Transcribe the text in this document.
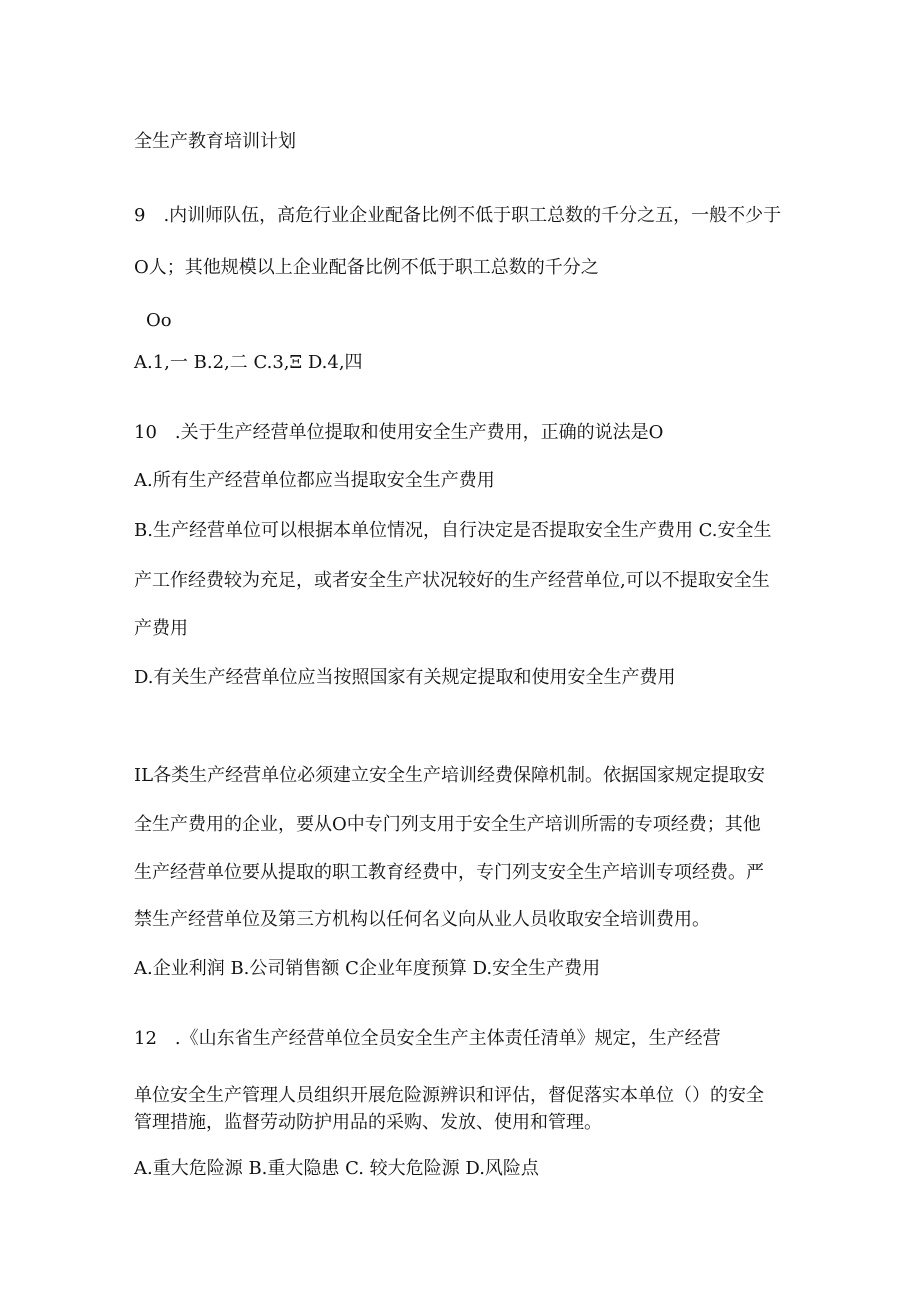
全生产教育培训计划
9　.内训师队伍，高危行业企业配备比例不低于职工总数的千分之五，一般不少于
O人；其他规模以上企业配备比例不低于职工总数的千分之
Oo
A.1,一 B.2,二 C.3,Ξ D.4,四
10　.关于生产经营单位提取和使用安全生产费用，正确的说法是O
A.所有生产经营单位都应当提取安全生产费用
B.生产经营单位可以根据本单位情况，自行决定是否提取安全生产费用 C.安全生
产工作经费较为充足，或者安全生产状况较好的生产经营单位,可以不提取安全生
产费用
D.有关生产经营单位应当按照国家有关规定提取和使用安全生产费用
IL各类生产经营单位必须建立安全生产培训经费保障机制。依据国家规定提取安
全生产费用的企业，要从O中专门列支用于安全生产培训所需的专项经费；其他
生产经营单位要从提取的职工教育经费中，专门列支安全生产培训专项经费。严
禁生产经营单位及第三方机构以任何名义向从业人员收取安全培训费用。
A.企业利润 B.公司销售额 C企业年度预算 D.安全生产费用
12　.《山东省生产经营单位全员安全生产主体责任清单》规定，生产经营
单位安全生产管理人员组织开展危险源辨识和评估，督促落实本单位（）的安全
管理措施，监督劳动防护用品的采购、发放、使用和管理。
A.重大危险源 B.重大隐患 C. 较大危险源 D.风险点
